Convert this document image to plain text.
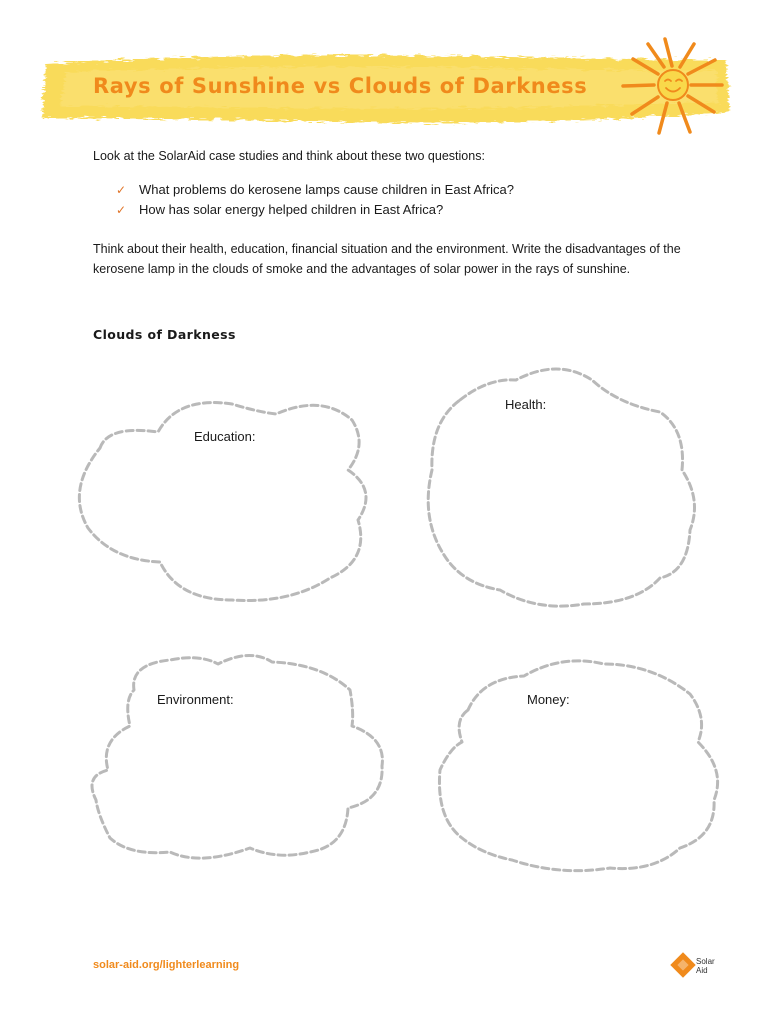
Rays of Sunshine vs Clouds of Darkness

Look at the SolarAid case studies and think about these two questions:

✓ What problems do kerosene lamps cause children in East Africa?
✓ How has solar energy helped children in East Africa?

Think about their health, education, financial situation and the environment. Write the disadvantages of the kerosene lamp in the clouds of smoke and the advantages of solar power in the rays of sunshine.

Clouds of Darkness

Education:

Health:

Environment:	Money:

solar-aid.org/lighterlearning	Solar
Aid
